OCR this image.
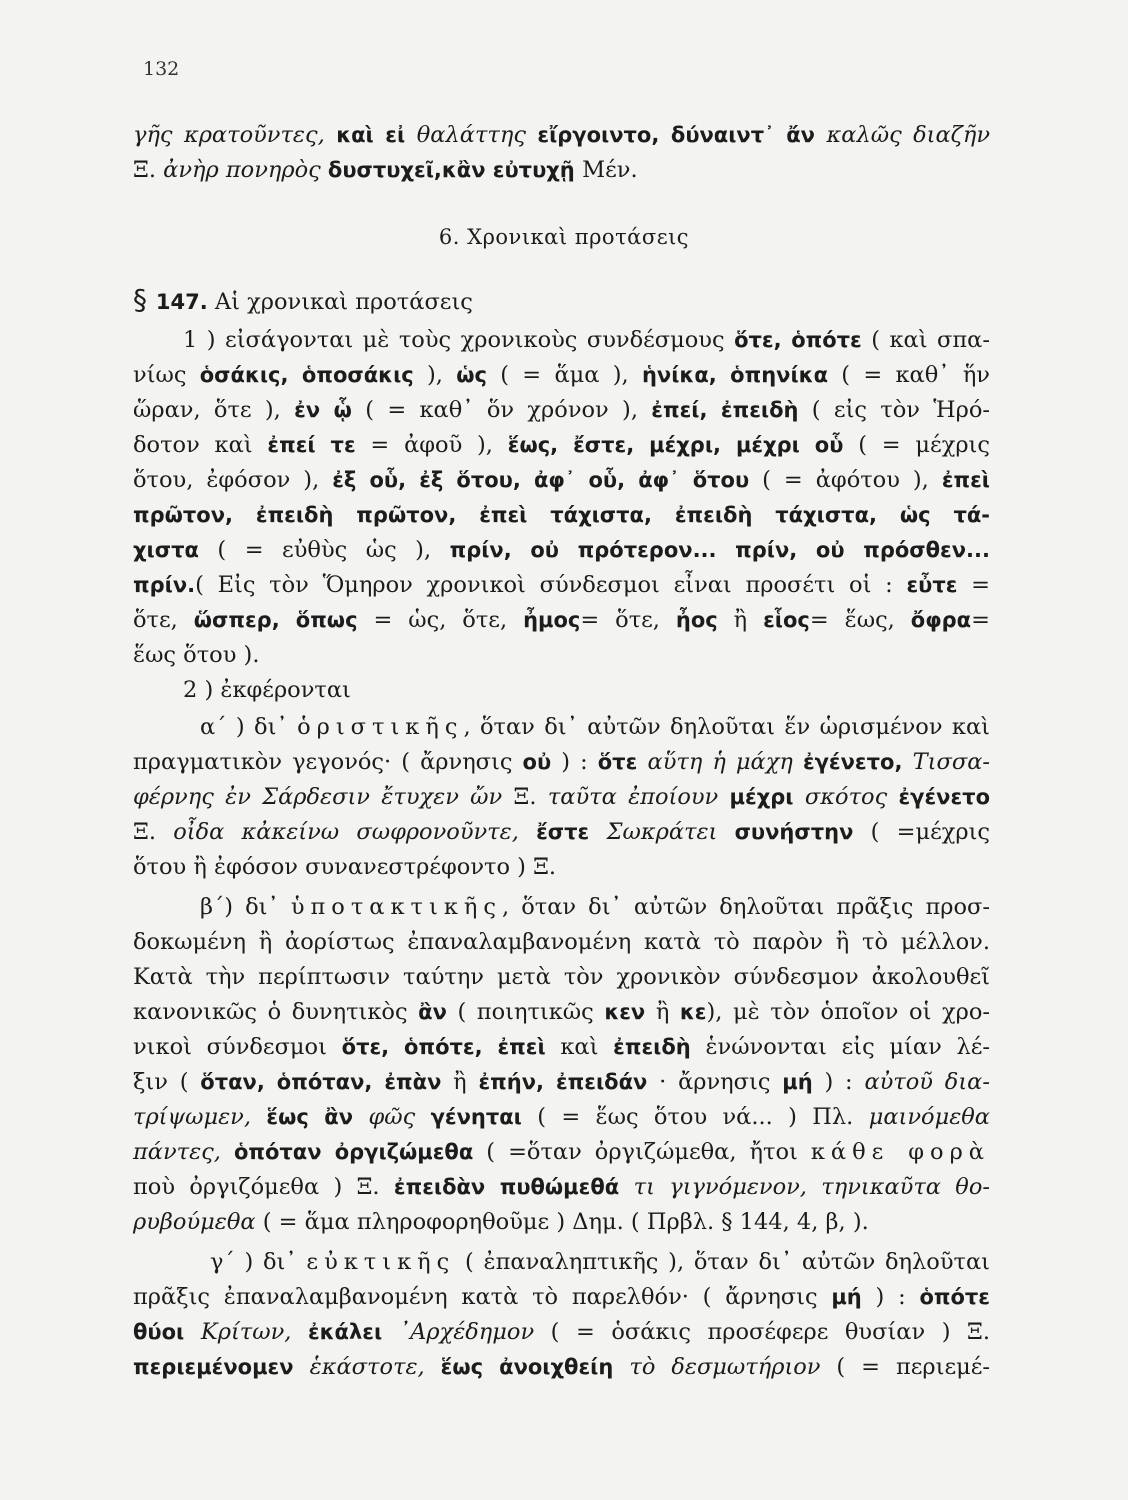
132
γῆς κρατοῦντες, καὶ εἰ θαλάττης εἴργοιντο, δύναιντ᾽ ἄν καλῶς διαζῆν
Ξ. ἀνὴρ πονηρὸς δυστυχεῖ,κἂν εὐτυχῇ Μέν.
6. Χρονικαὶ προτάσεις
§ 147. Αἱ χρονικαὶ προτάσεις
1 ) εἰσάγονται μὲ τοὺς χρονικοὺς συνδέσμους ὅτε, ὁπότε ( καὶ σπα-
νίως ὁσάκις, ὁποσάκις ), ὡς ( = ἅμα ), ἡνίκα, ὁπηνίκα ( = καθ᾽ ἥν
ὥραν, ὅτε ), ἐν ᾧ ( = καθ᾽ ὅν χρόνον ), ἐπεί, ἐπειδὴ ( εἰς τὸν Ἡρό-
δοτον καὶ ἐπεί τε = ἀφοῦ ), ἕως, ἔστε, μέχρι, μέχρι οὗ ( = μέχρις
ὅτου, ἐφόσον ), ἐξ οὗ, ἐξ ὅτου, ἀφ᾽ οὗ, ἀφ᾽ ὅτου ( = ἀφότου ), ἐπεὶ
πρῶτον, ἐπειδὴ πρῶτον, ἐπεὶ τάχιστα, ἐπειδὴ τάχιστα, ὡς τά-
χιστα ( = εὐθὺς ὡς ), πρίν, οὐ πρότερον... πρίν, οὐ πρόσθεν...
πρίν.( Εἰς τὸν Ὅμηρον χρονικοὶ σύνδεσμοι εἶναι προσέτι οἱ : εὖτε =
ὅτε, ὥσπερ, ὅπως = ὡς, ὅτε, ἦμος= ὅτε, ἦος ἢ εἷος= ἕως, ὄφρα=
ἕως ὅτου ).
2 ) ἐκφέρονται
α΄ ) δι᾽ ὁριστικῆς, ὅταν δι᾽ αὐτῶν δηλοῦται ἕν ὡρισμένον καὶ
πραγματικὸν γεγονός· ( ἄρνησις οὐ ) : ὅτε αὕτη ἡ μάχη ἐγένετο, Τισσα-
φέρνης ἐν Σάρδεσιν ἔτυχεν ὤν Ξ. ταῦτα ἐποίουν μέχρι σκότος ἐγένετο
Ξ. οἶδα κἀκείνω σωφρονοῦντε, ἔστε Σωκράτει συνήστην ( =μέχρις
ὅτου ἢ ἐφόσον συνανεστρέφοντο ) Ξ.
β΄) δι᾽ ὑποτακτικῆς, ὅταν δι᾽ αὐτῶν δηλοῦται πρᾶξις προσ-
δοκωμένη ἢ ἀορίστως ἐπαναλαμβανομένη κατὰ τὸ παρὸν ἢ τὸ μέλλον.
Κατὰ τὴν περίπτωσιν ταύτην μετὰ τὸν χρονικὸν σύνδεσμον ἀκολουθεῖ
κανονικῶς ὁ δυνητικὸς ἂν ( ποιητικῶς κεν ἢ κε), μὲ τὸν ὁποῖον οἱ χρο-
νικοὶ σύνδεσμοι ὅτε, ὁπότε, ἐπεὶ καὶ ἐπειδὴ ἑνώνονται εἰς μίαν λέ-
ξιν ( ὅταν, ὁπόταν, ἐπὰν ἢ ἐπήν, ἐπειδάν · ἄρνησις μή ) : αὐτοῦ δια-
τρίψωμεν, ἕως ἂν φῶς γένηται ( = ἕως ὅτου νά... ) Πλ. μαινόμεθα
πάντες, ὁπόταν ὀργιζώμεθα ( =ὅταν ὀργιζώμεθα, ἤτοι κάθε φορὰ
ποὺ ὀργιζόμεθα ) Ξ. ἐπειδὰν πυθώμεθά τι γιγνόμενον, τηνικαῦτα θο-
ρυβούμεθα ( = ἅμα πληροφορηθοῦμε ) Δημ. ( Πρβλ. § 144, 4, β, ).
γ΄ ) δι᾽ εὐκτικῆς ( ἐπαναληπτικῆς ), ὅταν δι᾽ αὐτῶν δηλοῦται
πρᾶξις ἐπαναλαμβανομένη κατὰ τὸ παρελθόν· ( ἄρνησις μή ) : ὁπότε
θύοι Κρίτων, ἐκάλει ᾽Αρχέδημον ( = ὁσάκις προσέφερε θυσίαν ) Ξ.
περιεμένομεν ἑκάστοτε, ἕως ἀνοιχθείη τὸ δεσμωτήριον ( = περιεμέ-
